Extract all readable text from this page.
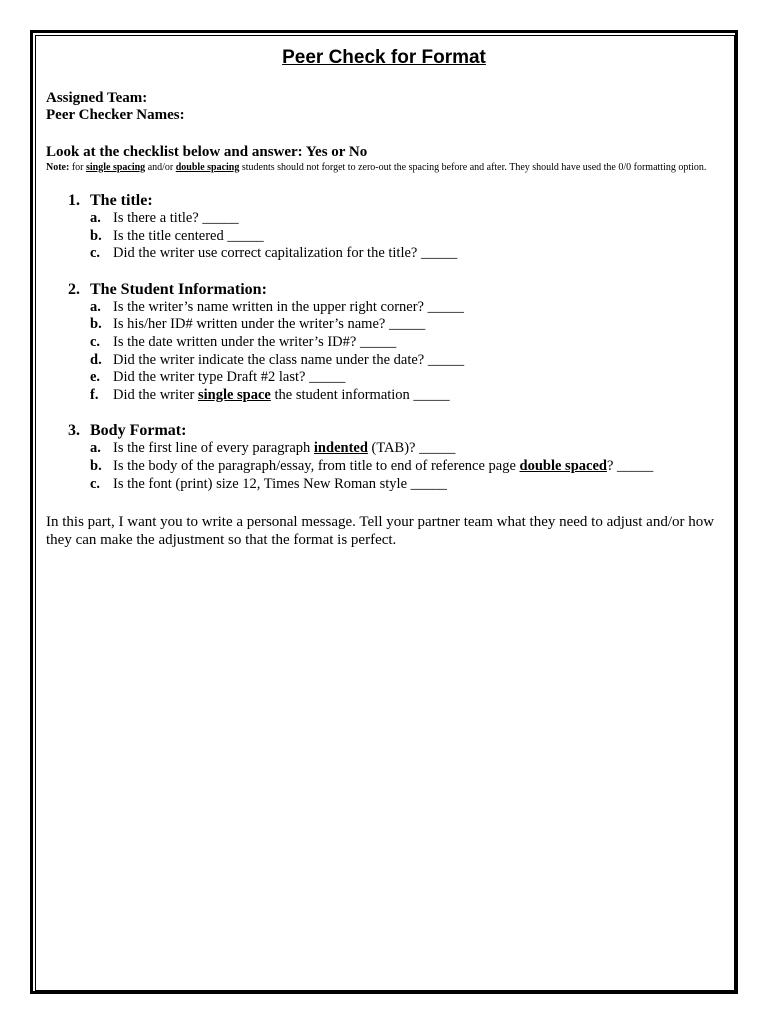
Peer Check for Format
Assigned Team:
Peer Checker Names:
Look at the checklist below and answer: Yes or No
Note: for single spacing and/or double spacing students should not forget to zero-out the spacing before and after. They should have used the 0/0 formatting option.
1. The title:
a. Is there a title? _____
b. Is the title centered _____
c. Did the writer use correct capitalization for the title? _____
2. The Student Information:
a. Is the writer’s name written in the upper right corner? _____
b. Is his/her ID# written under the writer’s name? _____
c. Is the date written under the writer’s ID#? _____
d. Did the writer indicate the class name under the date? _____
e. Did the writer type Draft #2 last? _____
f.	Did the writer single space the student information _____
3. Body Format:
a. Is the first line of every paragraph indented (TAB)? _____
b. Is the body of the paragraph/essay, from title to end of reference page double spaced? _____
c. Is the font (print) size 12, Times New Roman style _____

In this part, I want you to write a personal message. Tell your partner team what they need to adjust and/or how they can make the adjustment so that the format is perfect.
